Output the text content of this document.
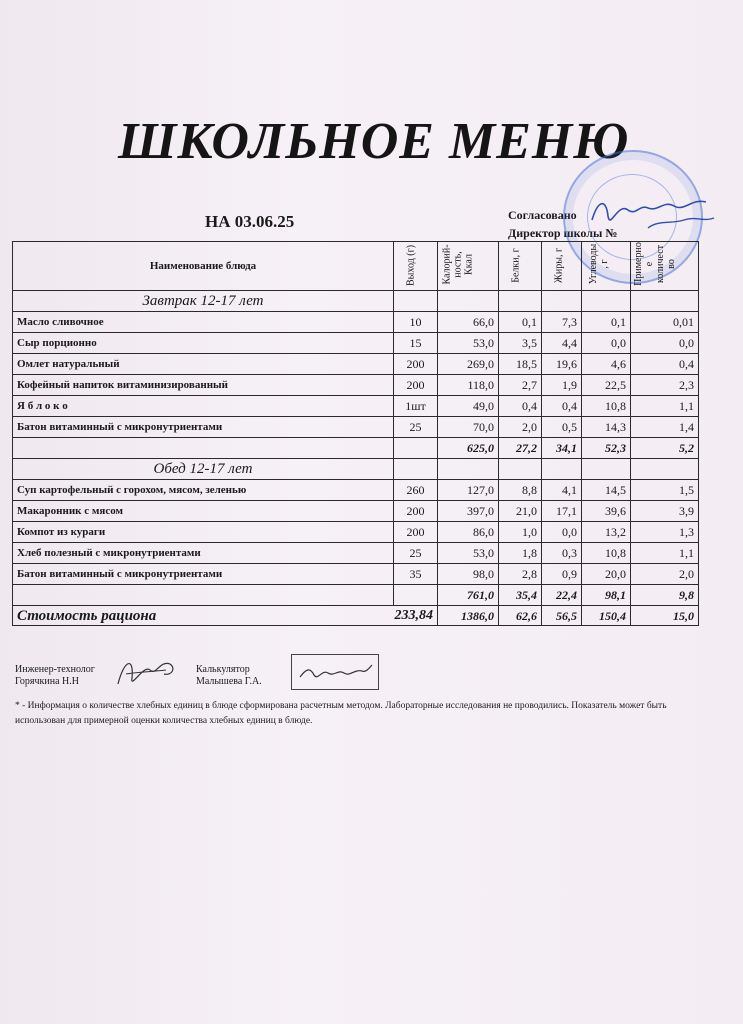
ШКОЛЬНОЕ МЕНЮ
НА 03.06.25	Согласовано
Директор школы №
Наименование блюда	Выход (г)	Калорий-
ность,
Ккал	Белки, г	Жиры, г	Углеводы
, г	Примерно
е
количест
во
Завтрак 12-17 лет						
Масло сливочное	10	66,0	0,1	7,3	0,1	0,01
Сыр порционно	15	53,0	3,5	4,4	0,0	0,0
Омлет натуральный	200	269,0	18,5	19,6	4,6	0,4
Кофейный напиток витаминизированный	200	118,0	2,7	1,9	22,5	2,3
Я б л о к о	1шт	49,0	0,4	0,4	10,8	1,1
Батон витаминный с микронутриентами	25	70,0	2,0	0,5	14,3	1,4
		625,0	27,2	34,1	52,3	5,2
Обед 12-17 лет						
Суп картофельный с горохом, мясом, зеленью	260	127,0	8,8	4,1	14,5	1,5
Макаронник с мясом	200	397,0	21,0	17,1	39,6	3,9
Компот из кураги	200	86,0	1,0	0,0	13,2	1,3
Хлеб полезный с микронутриентами	25	53,0	1,8	0,3	10,8	1,1
Батон витаминный с микронутриентами	35	98,0	2,8	0,9	20,0	2,0
		761,0	35,4	22,4	98,1	9,8
Стоимость рациона 233,84		1386,0	62,6	56,5	150,4	15,0
Инженер-технолог
Горячкина Н.Н
Калькулятор
Малышева Г.А.
* - Информация о количестве хлебных единиц в блюде сформирована расчетным методом. Лабораторные исследования не проводились. Показатель может быть использован для примерной оценки количества хлебных единиц в блюде.
